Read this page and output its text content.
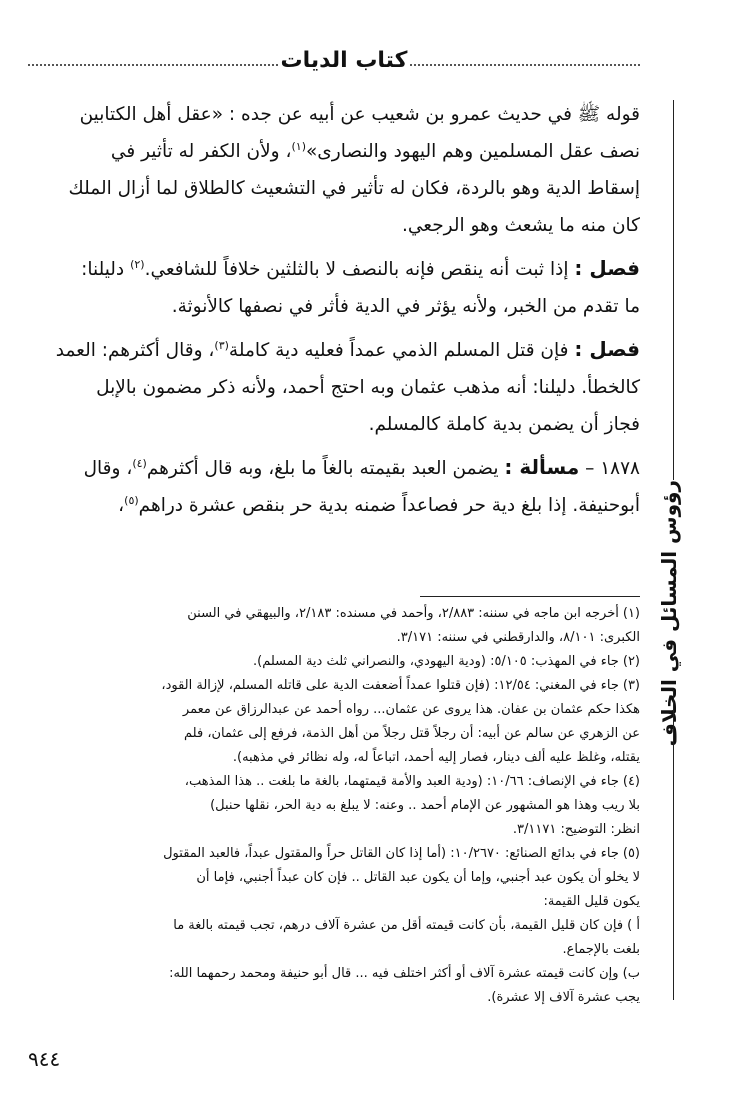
كتاب الديات
رؤوس المسائل في الخلاف

قوله ﷺ في حديث عمرو بن شعيب عن أبيه عن جده : «عقل أهل الكتابين

نصف عقل المسلمين وهم اليهود والنصارى»$^{(١)}$، ولأن الكفر له تأثير في

إسقاط الدية وهو بالردة، فكان له تأثير في التشعيث كالطلاق لما أزال الملك

كان منه ما يشعث وهو الرجعي.

فصل : إذا ثبت أنه ينقص فإنه بالنصف لا بالثلثين خلافاً للشافعي.$^{(٢)}$ دليلنا:

ما تقدم من الخبر، ولأنه يؤثر في الدية فأثر في نصفها كالأنوثة.

فصل : فإن قتل المسلم الذمي عمداً فعليه دية كاملة$^{(٣)}$، وقال أكثرهم: العمد

كالخطأ. دليلنا: أنه مذهب عثمان وبه احتج أحمد، ولأنه ذكر مضمون بالإبل

فجاز أن يضمن بدية كاملة كالمسلم.

١٨٧٨ – مسألة : يضمن العبد بقيمته بالغاً ما بلغ، وبه قال أكثرهم$^{(٤)}$، وقال

أبوحنيفة. إذا بلغ دية حر فصاعداً ضمنه بدية حر بنقص عشرة دراهم$^{(٥)}$،

(١)أخرجه ابن ماجه في سننه: ٢/٨٨٣، وأحمد في مسنده: ٢/١٨٣، والبيهقي في السنن

الكبرى: ٨/١٠١، والدارقطني في سننه: ٣/١٧١.

(٢)جاء في المهذب: ٥/١٠٥: (ودية اليهودي، والنصراني ثلث دية المسلم).

(٣)جاء في المغني: ١٢/٥٤: (فإن قتلوا عمداً أضعفت الدية على قاتله المسلم، لإزالة القود،

هكذا حكم عثمان بن عفان. هذا يروى عن عثمان... رواه أحمد عن عبدالرزاق عن معمر

عن الزهري عن سالم عن أبيه: أن رجلاً قتل رجلاً من أهل الذمة، فرفع إلى عثمان، فلم

يقتله، وغلظ عليه ألف دينار، فصار إليه أحمد، اتباعاً له، وله نظائر في مذهبه).

(٤)جاء في الإنصاف: ١٠/٦٦: (ودية العبد والأمة قيمتهما، بالغة ما بلغت .. هذا المذهب،

بلا ريب وهذا هو المشهور عن الإمام أحمد .. وعنه: لا يبلغ به دية الحر، نقلها حنبل)

انظر: التوضيح: ٣/١١٧١.

(٥)جاء في بدائع الصنائع: ١٠/٢٦٧٠: (أما إذا كان القاتل حراً والمقتول عبداً، فالعبد المقتول

لا يخلو أن يكون عبد أجنبي، وإما أن يكون عبد القاتل .. فإن كان عبداً أجنبي، فإما أن

يكون قليل القيمة:

أ ) فإن كان قليل القيمة، بأن كانت قيمته أقل من عشرة آلاف درهم، تجب قيمته بالغة ما

بلغت بالإجماع.

ب) وإن كانت قيمته عشرة آلاف أو أكثر اختلف فيه ... قال أبو حنيفة ومحمد رحمهما الله:

يجب عشرة آلاف إلا عشرة).

٩٤٤
